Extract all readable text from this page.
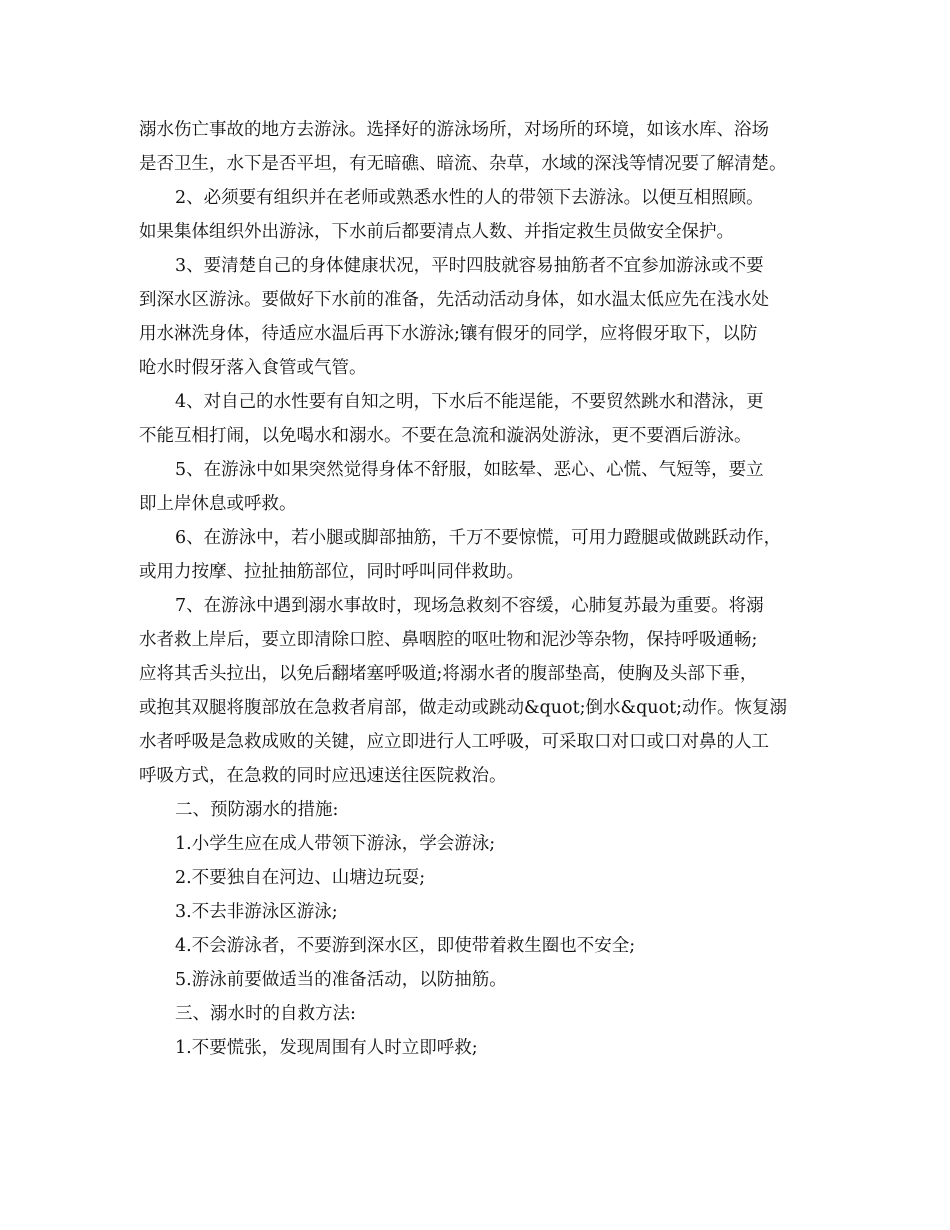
溺水伤亡事故的地方去游泳。选择好的游泳场所，对场所的环境，如该水库、浴场
是否卫生，水下是否平坦，有无暗礁、暗流、杂草，水域的深浅等情况要了解清楚。
2、必须要有组织并在老师或熟悉水性的人的带领下去游泳。以便互相照顾。
如果集体组织外出游泳，下水前后都要清点人数、并指定救生员做安全保护。
3、要清楚自己的身体健康状况，平时四肢就容易抽筋者不宜参加游泳或不要
到深水区游泳。要做好下水前的准备，先活动活动身体，如水温太低应先在浅水处
用水淋洗身体，待适应水温后再下水游泳;镶有假牙的同学，应将假牙取下，以防
呛水时假牙落入食管或气管。
4、对自己的水性要有自知之明，下水后不能逞能，不要贸然跳水和潜泳，更
不能互相打闹，以免喝水和溺水。不要在急流和漩涡处游泳，更不要酒后游泳。
5、在游泳中如果突然觉得身体不舒服，如眩晕、恶心、心慌、气短等，要立
即上岸休息或呼救。
6、在游泳中，若小腿或脚部抽筋，千万不要惊慌，可用力蹬腿或做跳跃动作，
或用力按摩、拉扯抽筋部位，同时呼叫同伴救助。
7、在游泳中遇到溺水事故时，现场急救刻不容缓，心肺复苏最为重要。将溺
水者救上岸后，要立即清除口腔、鼻咽腔的呕吐物和泥沙等杂物，保持呼吸通畅;
应将其舌头拉出，以免后翻堵塞呼吸道;将溺水者的腹部垫高，使胸及头部下垂，
或抱其双腿将腹部放在急救者肩部，做走动或跳动&quot;倒水&quot;动作。恢复溺
水者呼吸是急救成败的关键，应立即进行人工呼吸，可采取口对口或口对鼻的人工
呼吸方式，在急救的同时应迅速送往医院救治。
二、预防溺水的措施:
1.小学生应在成人带领下游泳，学会游泳;
2.不要独自在河边、山塘边玩耍;
3.不去非游泳区游泳;
4.不会游泳者，不要游到深水区，即使带着救生圈也不安全;
5.游泳前要做适当的准备活动，以防抽筋。
三、溺水时的自救方法:
1.不要慌张，发现周围有人时立即呼救;
